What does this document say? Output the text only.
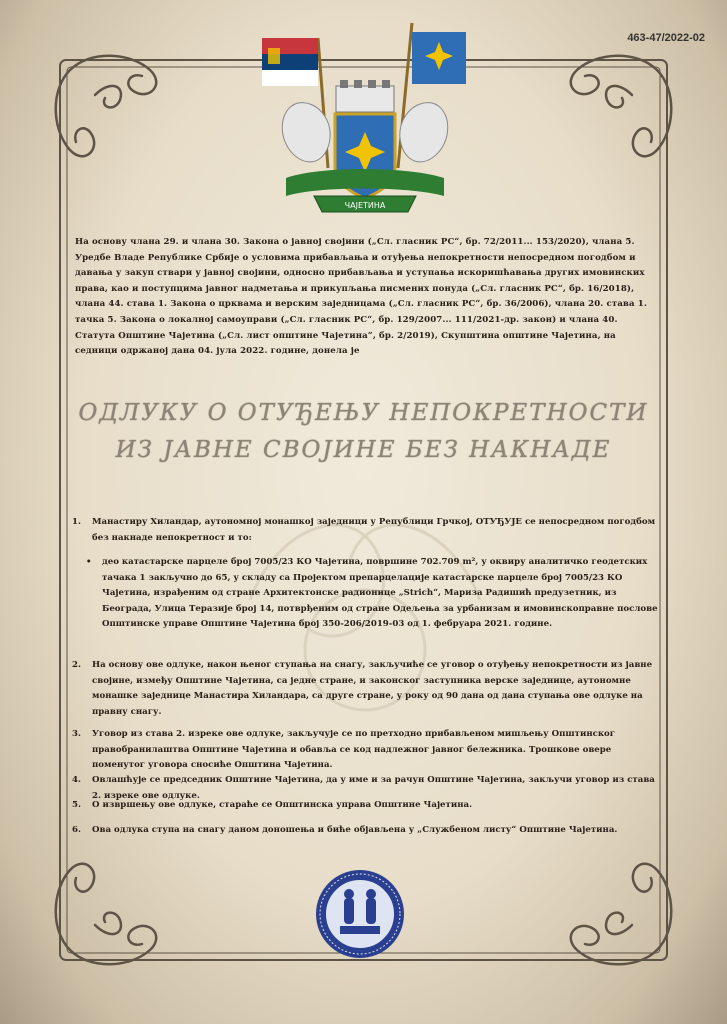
463-47/2022-02
ЧАЈЕТИНА
На основу члана 29. и члана 30. Закона о јавној својини („Сл. гласник РС“, бр. 72/2011... 153/2020), члана 5. Уредбе Владе Републике Србије о условима прибављања и отуђења непокретности непосредном погодбом и давања у закуп ствари у јавној својини, односно прибављања и уступања искоришћавања других имовинских права, као и поступцима јавног надметања и прикупљања писмених понуда („Сл. гласник РС“, бр. 16/2018), члана 44. става 1. Закона о црквама и верским заједницама („Сл. гласник РС“, бр. 36/2006), члана 20. става 1. тачка 5. Закона о локалној самоуправи („Сл. гласник РС“, бр. 129/2007... 111/2021-др. закон) и члана 40. Статута Општине Чајетина („Сл. лист општине Чајетина“, бр. 2/2019), Скупштина општине Чајетина, на седници одржаној дана 04. јула 2022. године, донела је
ОДЛУКУ О ОТУЂЕЊУ НЕПОКРЕТНОСТИ
ИЗ ЈАВНЕ СВОЈИНЕ БЕЗ НАКНАДЕ
1.	Манастиру Хиландар, аутономној монашкој заједници у Републици Грчкој, ОТУЂУЈЕ се непосредном погодбом без накнаде непокретност и то:
• део катастарске парцеле број 7005/23 КО Чајетина, површине 702.709 m², у оквиру аналитичко геодетских тачака 1 закључно до 65, у складу са Пројектом препарцелације катастарске парцеле број 7005/23 КО Чајетина, израђеним од стране Архитектонске радионице „Strich“, Мариза Радишић предузетник, из Београда, Улица Теразије број 14, потврђеним од стране Одељења за урбанизам и имовинскоправне послове Општинске управе Општине Чајетина број 350-206/2019-03 од 1. фебруара 2021. године.
2.	На основу ове одлуке, након њеног ступања на снагу, закључиће се уговор о отуђењу непокретности из јавне својине, између Општине Чајетина, са једне стране, и законског заступника верске заједнице, аутономне монашке заједнице Манастира Хиландара, са друге стране, у року од 90 дана од дана ступања ове одлуке на правну снагу.
3.	Уговор из става 2. изреке ове одлуке, закључује се по претходно прибављеном мишљењу Општинског правобранилаштва Општине Чајетина и обавља се код надлежног јавног бележника. Трошкове овере поменутог уговора сносиће Општина Чајетина.
4.	Овлашћује се председник Општине Чајетина, да у име и за рачун Општине Чајетина, закључи уговор из става 2. изреке ове одлуке.
5.	О извршењу ове одлуке, стараће се Општинска управа Општине Чајетина.
6.	Ова одлука ступа на снагу даном доношења и биће објављена у „Службеном листу“ Општине Чајетина.
